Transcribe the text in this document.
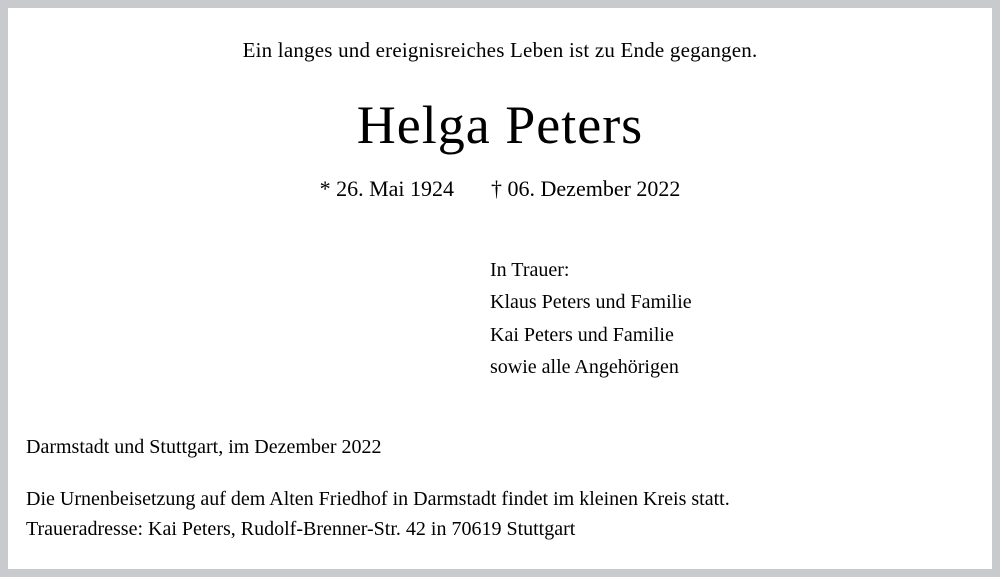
Ein langes und ereignisreiches Leben ist zu Ende gegangen.
Helga Peters
* 26. Mai 1924 † 06. Dezember 2022
In Trauer:
Klaus Peters und Familie
Kai Peters und Familie
sowie alle Angehörigen
Darmstadt und Stuttgart, im Dezember 2022
Die Urnenbeisetzung auf dem Alten Friedhof in Darmstadt findet im kleinen Kreis statt.
Traueradresse: Kai Peters, Rudolf-Brenner-Str. 42 in 70619 Stuttgart
